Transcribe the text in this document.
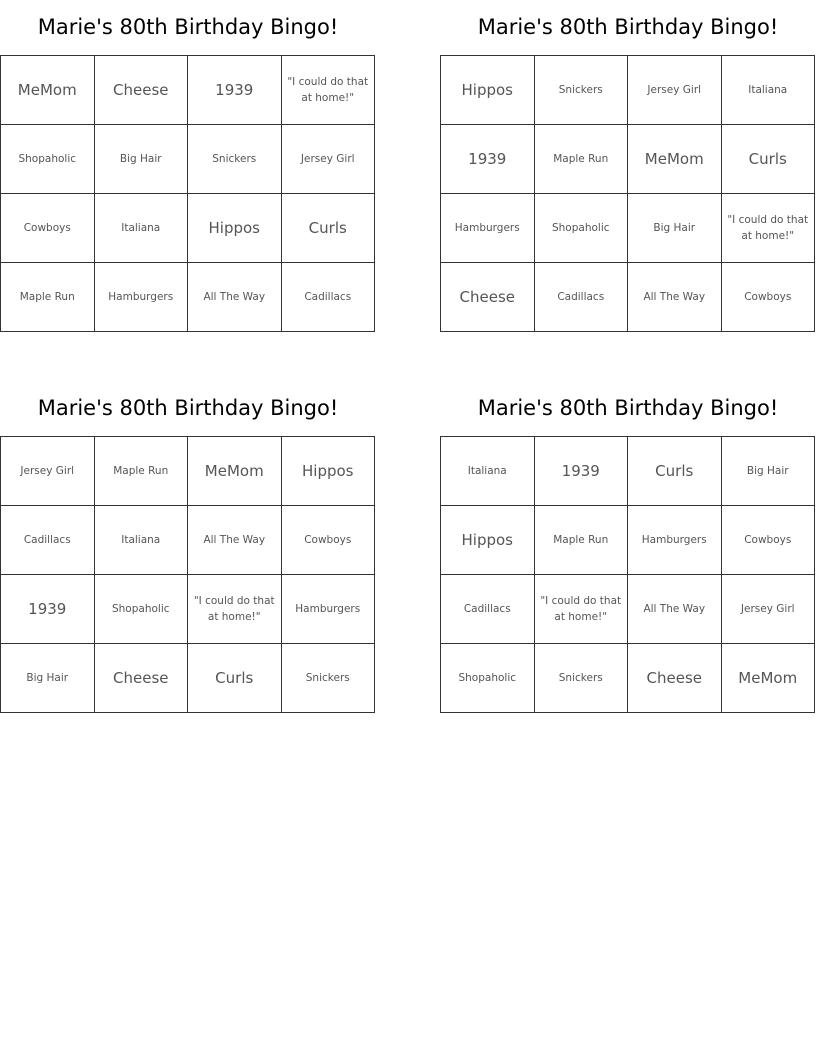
Marie's 80th Birthday Bingo!
MeMom	Cheese	1939	"I could do that at home!"
Shopaholic	Big Hair	Snickers	Jersey Girl
Cowboys	Italiana	Hippos	Curls
Maple Run	Hamburgers	All The Way	Cadillacs
Marie's 80th Birthday Bingo!
Hippos	Snickers	Jersey Girl	Italiana
1939	Maple Run	MeMom	Curls
Hamburgers	Shopaholic	Big Hair	"I could do that at home!"
Cheese	Cadillacs	All The Way	Cowboys
Marie's 80th Birthday Bingo!
Jersey Girl	Maple Run	MeMom	Hippos
Cadillacs	Italiana	All The Way	Cowboys
1939	Shopaholic	"I could do that at home!"	Hamburgers
Big Hair	Cheese	Curls	Snickers
Marie's 80th Birthday Bingo!
Italiana	1939	Curls	Big Hair
Hippos	Maple Run	Hamburgers	Cowboys
Cadillacs	"I could do that at home!"	All The Way	Jersey Girl
Shopaholic	Snickers	Cheese	MeMom
